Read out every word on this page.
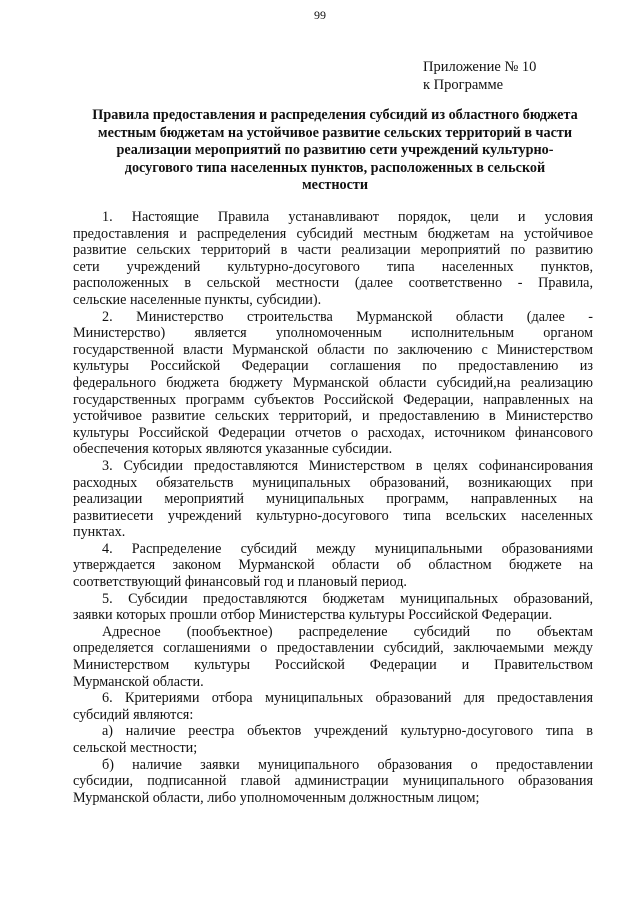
99
Приложение № 10
к Программе
Правила предоставления и распределения субсидий из областного бюджета
местным бюджетам на устойчивое развитие сельских территорий в части
реализации мероприятий по развитию сети учреждений культурно-
досугового типа населенных пунктов, расположенных в сельской
местности
1. Настоящие Правила устанавливают порядок, цели и условия
предоставления и распределения субсидий местным бюджетам на устойчивое
развитие сельских территорий в части реализации мероприятий по развитию
сети учреждений культурно-досугового типа населенных пунктов,
расположенных в сельской местности (далее соответственно - Правила,
сельские населенные пункты, субсидии).
2. Министерство строительства Мурманской области (далее -
Министерство) является уполномоченным исполнительным органом
государственной власти Мурманской области по заключению с Министерством
культуры Российской Федерации соглашения по предоставлению из
федерального бюджета бюджету Мурманской области субсидий,на реализацию
государственных программ субъектов Российской Федерации, направленных на
устойчивое развитие сельских территорий, и предоставлению в Министерство
культуры Российской Федерации отчетов о расходах, источником финансового
обеспечения которых являются указанные субсидии.
3. Субсидии предоставляются Министерством в целях софинансирования
расходных обязательств муниципальных образований, возникающих при
реализации мероприятий муниципальных программ, направленных на
развитиесети учреждений культурно-досугового типа всельских населенных
пунктах.
4. Распределение субсидий между муниципальными образованиями
утверждается законом Мурманской области об областном бюджете на
соответствующий финансовый год и плановый период.
5. Субсидии предоставляются бюджетам муниципальных образований,
заявки которых прошли отбор Министерства культуры Российской Федерации.
Адресное (пообъектное) распределение субсидий по объектам
определяется соглашениями о предоставлении субсидий, заключаемыми между
Министерством культуры Российской Федерации и Правительством
Мурманской области.
6. Критериями отбора муниципальных образований для предоставления
субсидий являются:
а) наличие реестра объектов учреждений культурно-досугового типа в
сельской местности;
б) наличие заявки муниципального образования о предоставлении
субсидии, подписанной главой администрации муниципального образования
Мурманской области, либо уполномоченным должностным лицом;
